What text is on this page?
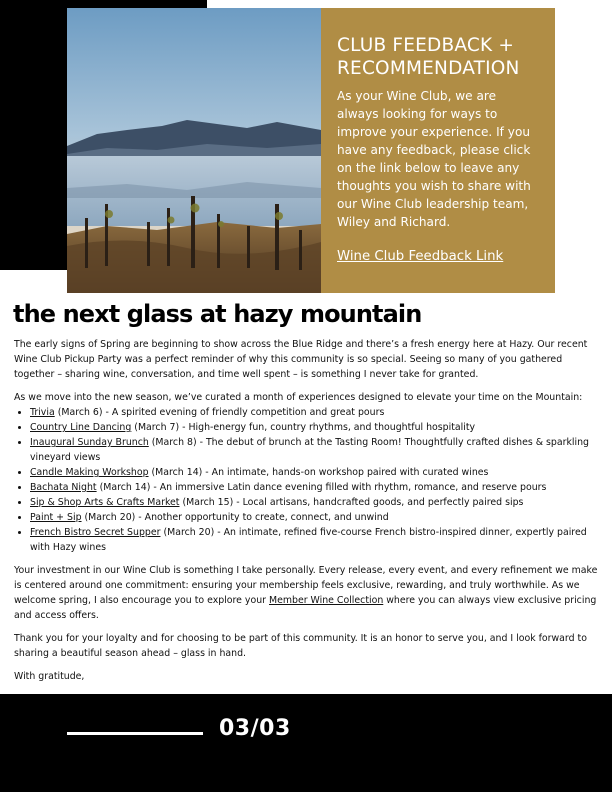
CLUB FEEDBACK + RECOMMENDATION

As your Wine Club, we are always looking for ways to improve your experience. If you have any feedback, please click on the link below to leave any thoughts you wish to share with our Wine Club leadership team, Wiley and Richard.

Wine Club Feedback Link
the next glass at hazy mountain

The early signs of Spring are beginning to show across the Blue Ridge and there’s a fresh energy here at Hazy. Our recent Wine Club Pickup Party was a perfect reminder of why this community is so special. Seeing so many of you gathered together – sharing wine, conversation, and time well spent – is something I never take for granted.

As we move into the new season, we’ve curated a month of experiences designed to elevate your time on the Mountain:

• Trivia (March 6) - A spirited evening of friendly competition and great pours
• Country Line Dancing (March 7) - High-energy fun, country rhythms, and thoughtful hospitality
• Inaugural Sunday Brunch (March 8) - The debut of brunch at the Tasting Room! Thoughtfully crafted dishes & sparkling vineyard views
• Candle Making Workshop (March 14) - An intimate, hands-on workshop paired with curated wines
• Bachata Night (March 14) - An immersive Latin dance evening filled with rhythm, romance, and reserve pours
• Sip & Shop Arts & Crafts Market (March 15) - Local artisans, handcrafted goods, and perfectly paired sips
• Paint + Sip (March 20) - Another opportunity to create, connect, and unwind
• French Bistro Secret Supper (March 20) - An intimate, refined five-course French bistro-inspired dinner, expertly paired with Hazy wines

Your investment in our Wine Club is something I take personally. Every release, every event, and every refinement we make is centered around one commitment: ensuring your membership feels exclusive, rewarding, and truly worthwhile. As we welcome spring, I also encourage you to explore your Member Wine Collection where you can always view exclusive pricing and access offers.

Thank you for your loyalty and for choosing to be part of this community. It is an honor to serve you, and I look forward to sharing a beautiful season ahead – glass in hand.

With gratitude,

03/03
